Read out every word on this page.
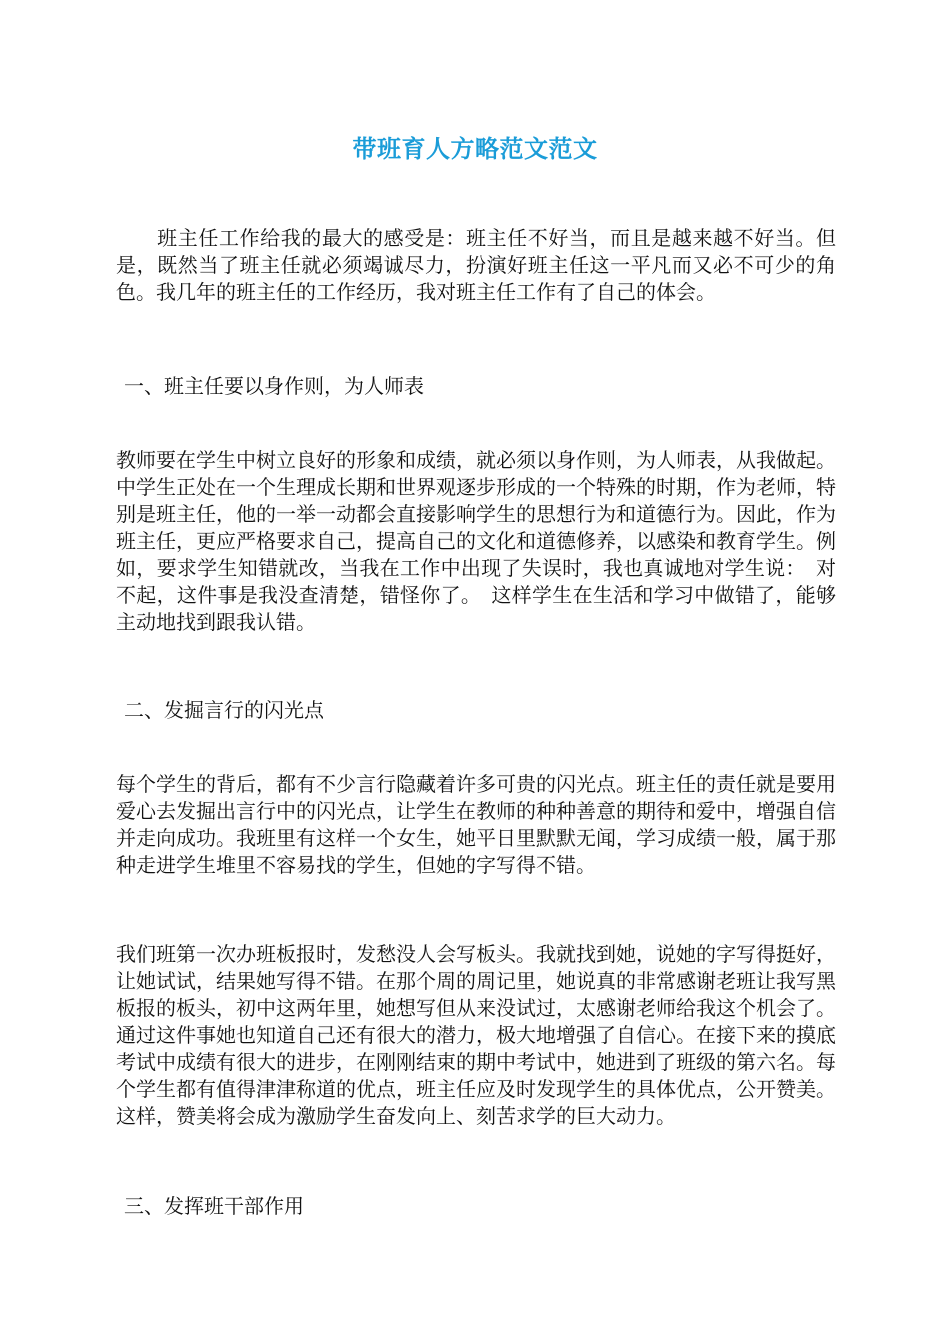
带班育人方略范文范文

　　班主任工作给我的最大的感受是：班主任不好当，而且是越来越不好当。但是，既然当了班主任就必须竭诚尽力，扮演好班主任这一平凡而又必不可少的角色。我几年的班主任的工作经历，我对班主任工作有了自己的体会。

一、班主任要以身作则，为人师表

教师要在学生中树立良好的形象和成绩，就必须以身作则，为人师表，从我做起。中学生正处在一个生理成长期和世界观逐步形成的一个特殊的时期，作为老师，特别是班主任，他的一举一动都会直接影响学生的思想行为和道德行为。因此，作为班主任，更应严格要求自己，提高自己的文化和道德修养，以感染和教育学生。例如，要求学生知错就改，当我在工作中出现了失误时，我也真诚地对学生说：　对不起，这件事是我没查清楚，错怪你了。　这样学生在生活和学习中做错了，能够主动地找到跟我认错。

二、发掘言行的闪光点

每个学生的背后，都有不少言行隐藏着许多可贵的闪光点。班主任的责任就是要用爱心去发掘出言行中的闪光点，让学生在教师的种种善意的期待和爱中，增强自信并走向成功。我班里有这样一个女生，她平日里默默无闻，学习成绩一般，属于那种走进学生堆里不容易找的学生，但她的字写得不错。

我们班第一次办班板报时，发愁没人会写板头。我就找到她，说她的字写得挺好，让她试试，结果她写得不错。在那个周的周记里，她说真的非常感谢老班让我写黑板报的板头，初中这两年里，她想写但从来没试过，太感谢老师给我这个机会了。通过这件事她也知道自己还有很大的潜力，极大地增强了自信心。在接下来的摸底考试中成绩有很大的进步，在刚刚结束的期中考试中，她进到了班级的第六名。每个学生都有值得津津称道的优点，班主任应及时发现学生的具体优点，公开赞美。这样，赞美将会成为激励学生奋发向上、刻苦求学的巨大动力。

三、发挥班干部作用
